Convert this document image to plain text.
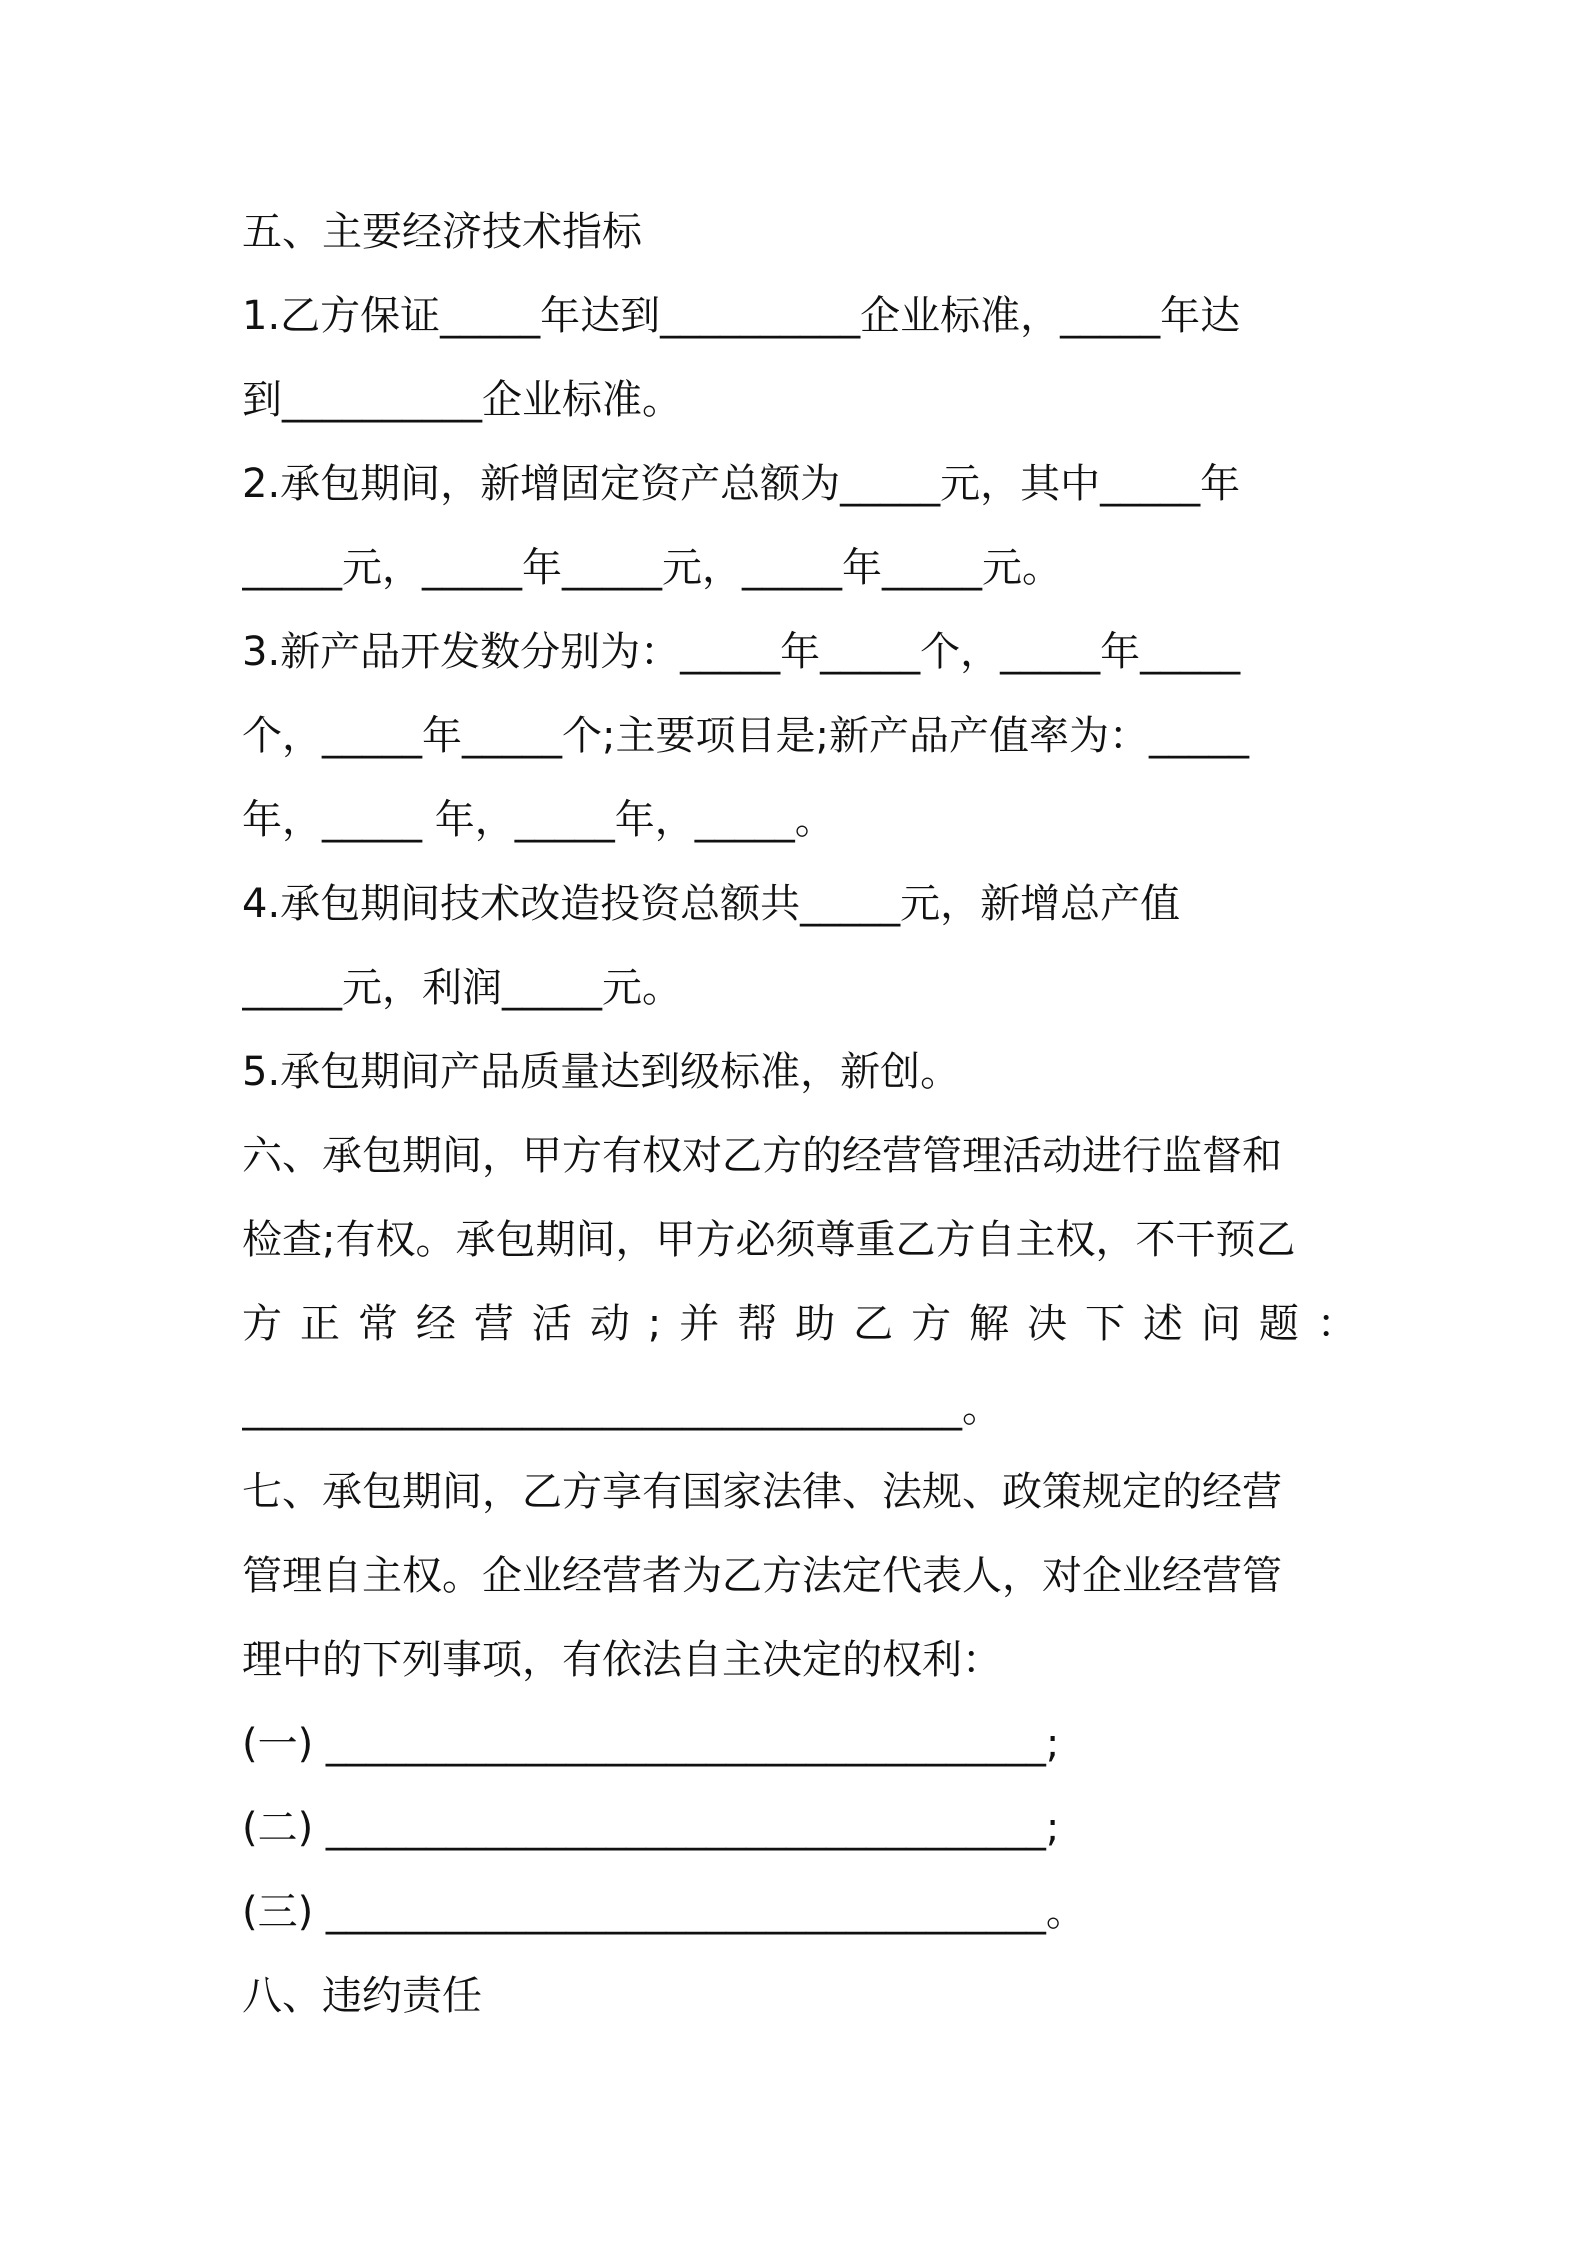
五、主要经济技术指标
1.乙方保证_____年达到__________企业标准，_____年达
到__________企业标准。
2.承包期间，新增固定资产总额为_____元，其中_____年
_____元，_____年_____元，_____年_____元。
3.新产品开发数分别为：_____年_____个，_____年_____
个，_____年_____个;主要项目是;新产品产值率为：_____
年，_____ 年，_____年，_____。
4.承包期间技术改造投资总额共_____元，新增总产值
_____元，利润_____元。
5.承包期间产品质量达到级标准，新创。
六、承包期间，甲方有权对乙方的经营管理活动进行监督和
检查;有权。承包期间，甲方必须尊重乙方自主权，不干预乙
方 正 常 经 营 活 动 ; 并 帮 助 乙 方 解 决 下 述 问 题 ：
____________________________________。
七、承包期间，乙方享有国家法律、法规、政策规定的经营
管理自主权。企业经营者为乙方法定代表人，对企业经营管
理中的下列事项，有依法自主决定的权利：
(一) ____________________________________;
(二) ____________________________________;
(三) ____________________________________。
八、违约责任
